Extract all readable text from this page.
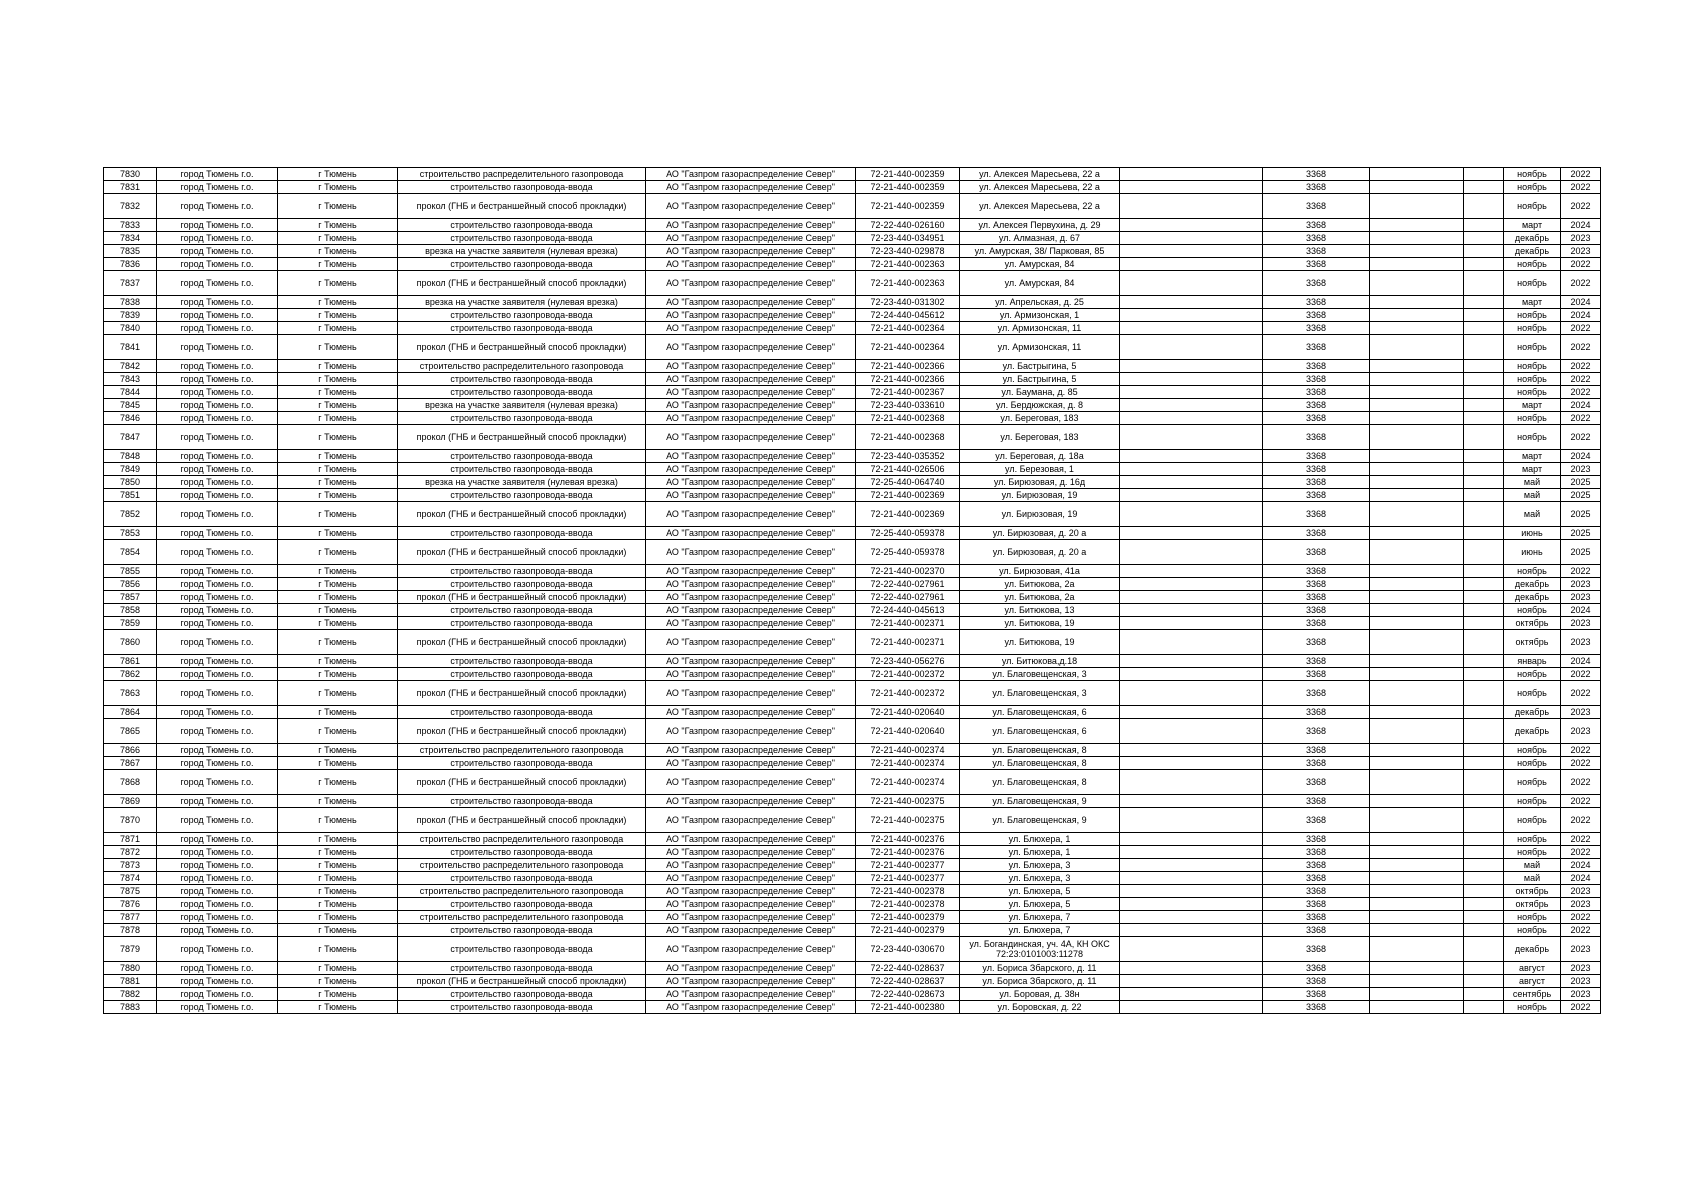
7830	город Тюмень г.о.	г Тюмень	строительство распределительного газопровода	АО "Газпром газораспределение Север"	72-21-440-002359	ул. Алексея Маресьева, 22 а		3368			ноябрь	2022
7831	город Тюмень г.о.	г Тюмень	строительство газопровода-ввода	АО "Газпром газораспределение Север"	72-21-440-002359	ул. Алексея Маресьева, 22 а		3368			ноябрь	2022
7832	город Тюмень г.о.	г Тюмень	прокол (ГНБ и бестраншейный способ прокладки)	АО "Газпром газораспределение Север"	72-21-440-002359	ул. Алексея Маресьева, 22 а		3368			ноябрь	2022
7833	город Тюмень г.о.	г Тюмень	строительство газопровода-ввода	АО "Газпром газораспределение Север"	72-22-440-026160	ул. Алексея Первухина, д. 29		3368			март	2024
7834	город Тюмень г.о.	г Тюмень	строительство газопровода-ввода	АО "Газпром газораспределение Север"	72-23-440-034951	ул. Алмазная, д. 67		3368			декабрь	2023
7835	город Тюмень г.о.	г Тюмень	врезка на участке заявителя (нулевая врезка)	АО "Газпром газораспределение Север"	72-23-440-029878	ул. Амурская, 38/ Парковая, 85		3368			декабрь	2023
7836	город Тюмень г.о.	г Тюмень	строительство газопровода-ввода	АО "Газпром газораспределение Север"	72-21-440-002363	ул. Амурская, 84		3368			ноябрь	2022
7837	город Тюмень г.о.	г Тюмень	прокол (ГНБ и бестраншейный способ прокладки)	АО "Газпром газораспределение Север"	72-21-440-002363	ул. Амурская, 84		3368			ноябрь	2022
7838	город Тюмень г.о.	г Тюмень	врезка на участке заявителя (нулевая врезка)	АО "Газпром газораспределение Север"	72-23-440-031302	ул. Апрельская, д. 25		3368			март	2024
7839	город Тюмень г.о.	г Тюмень	строительство газопровода-ввода	АО "Газпром газораспределение Север"	72-24-440-045612	ул. Армизонская, 1		3368			ноябрь	2024
7840	город Тюмень г.о.	г Тюмень	строительство газопровода-ввода	АО "Газпром газораспределение Север"	72-21-440-002364	ул. Армизонская, 11		3368			ноябрь	2022
7841	город Тюмень г.о.	г Тюмень	прокол (ГНБ и бестраншейный способ прокладки)	АО "Газпром газораспределение Север"	72-21-440-002364	ул. Армизонская, 11		3368			ноябрь	2022
7842	город Тюмень г.о.	г Тюмень	строительство распределительного газопровода	АО "Газпром газораспределение Север"	72-21-440-002366	ул. Бастрыгина, 5		3368			ноябрь	2022
7843	город Тюмень г.о.	г Тюмень	строительство газопровода-ввода	АО "Газпром газораспределение Север"	72-21-440-002366	ул. Бастрыгина, 5		3368			ноябрь	2022
7844	город Тюмень г.о.	г Тюмень	строительство газопровода-ввода	АО "Газпром газораспределение Север"	72-21-440-002367	ул. Баумана, д. 85		3368			ноябрь	2022
7845	город Тюмень г.о.	г Тюмень	врезка на участке заявителя (нулевая врезка)	АО "Газпром газораспределение Север"	72-23-440-033610	ул. Бердюжская, д. 8		3368			март	2024
7846	город Тюмень г.о.	г Тюмень	строительство газопровода-ввода	АО "Газпром газораспределение Север"	72-21-440-002368	ул. Береговая, 183		3368			ноябрь	2022
7847	город Тюмень г.о.	г Тюмень	прокол (ГНБ и бестраншейный способ прокладки)	АО "Газпром газораспределение Север"	72-21-440-002368	ул. Береговая, 183		3368			ноябрь	2022
7848	город Тюмень г.о.	г Тюмень	строительство газопровода-ввода	АО "Газпром газораспределение Север"	72-23-440-035352	ул. Береговая, д. 18а		3368			март	2024
7849	город Тюмень г.о.	г Тюмень	строительство газопровода-ввода	АО "Газпром газораспределение Север"	72-21-440-026506	ул. Березовая, 1		3368			март	2023
7850	город Тюмень г.о.	г Тюмень	врезка на участке заявителя (нулевая врезка)	АО "Газпром газораспределение Север"	72-25-440-064740	ул. Бирюзовая, д. 16д		3368			май	2025
7851	город Тюмень г.о.	г Тюмень	строительство газопровода-ввода	АО "Газпром газораспределение Север"	72-21-440-002369	ул. Бирюзовая, 19		3368			май	2025
7852	город Тюмень г.о.	г Тюмень	прокол (ГНБ и бестраншейный способ прокладки)	АО "Газпром газораспределение Север"	72-21-440-002369	ул. Бирюзовая, 19		3368			май	2025
7853	город Тюмень г.о.	г Тюмень	строительство газопровода-ввода	АО "Газпром газораспределение Север"	72-25-440-059378	ул. Бирюзовая, д. 20 а		3368			июнь	2025
7854	город Тюмень г.о.	г Тюмень	прокол (ГНБ и бестраншейный способ прокладки)	АО "Газпром газораспределение Север"	72-25-440-059378	ул. Бирюзовая, д. 20 а		3368			июнь	2025
7855	город Тюмень г.о.	г Тюмень	строительство газопровода-ввода	АО "Газпром газораспределение Север"	72-21-440-002370	ул. Бирюзовая, 41а		3368			ноябрь	2022
7856	город Тюмень г.о.	г Тюмень	строительство газопровода-ввода	АО "Газпром газораспределение Север"	72-22-440-027961	ул. Битюкова, 2а		3368			декабрь	2023
7857	город Тюмень г.о.	г Тюмень	прокол (ГНБ и бестраншейный способ прокладки)	АО "Газпром газораспределение Север"	72-22-440-027961	ул. Битюкова, 2а		3368			декабрь	2023
7858	город Тюмень г.о.	г Тюмень	строительство газопровода-ввода	АО "Газпром газораспределение Север"	72-24-440-045613	ул. Битюкова, 13		3368			ноябрь	2024
7859	город Тюмень г.о.	г Тюмень	строительство газопровода-ввода	АО "Газпром газораспределение Север"	72-21-440-002371	ул. Битюкова, 19		3368			октябрь	2023
7860	город Тюмень г.о.	г Тюмень	прокол (ГНБ и бестраншейный способ прокладки)	АО "Газпром газораспределение Север"	72-21-440-002371	ул. Битюкова, 19		3368			октябрь	2023
7861	город Тюмень г.о.	г Тюмень	строительство газопровода-ввода	АО "Газпром газораспределение Север"	72-23-440-056276	ул. Битюкова,д.18		3368			январь	2024
7862	город Тюмень г.о.	г Тюмень	строительство газопровода-ввода	АО "Газпром газораспределение Север"	72-21-440-002372	ул. Благовещенская, 3		3368			ноябрь	2022
7863	город Тюмень г.о.	г Тюмень	прокол (ГНБ и бестраншейный способ прокладки)	АО "Газпром газораспределение Север"	72-21-440-002372	ул. Благовещенская, 3		3368			ноябрь	2022
7864	город Тюмень г.о.	г Тюмень	строительство газопровода-ввода	АО "Газпром газораспределение Север"	72-21-440-020640	ул. Благовещенская, 6		3368			декабрь	2023
7865	город Тюмень г.о.	г Тюмень	прокол (ГНБ и бестраншейный способ прокладки)	АО "Газпром газораспределение Север"	72-21-440-020640	ул. Благовещенская, 6		3368			декабрь	2023
7866	город Тюмень г.о.	г Тюмень	строительство распределительного газопровода	АО "Газпром газораспределение Север"	72-21-440-002374	ул. Благовещенская, 8		3368			ноябрь	2022
7867	город Тюмень г.о.	г Тюмень	строительство газопровода-ввода	АО "Газпром газораспределение Север"	72-21-440-002374	ул. Благовещенская, 8		3368			ноябрь	2022
7868	город Тюмень г.о.	г Тюмень	прокол (ГНБ и бестраншейный способ прокладки)	АО "Газпром газораспределение Север"	72-21-440-002374	ул. Благовещенская, 8		3368			ноябрь	2022
7869	город Тюмень г.о.	г Тюмень	строительство газопровода-ввода	АО "Газпром газораспределение Север"	72-21-440-002375	ул. Благовещенская, 9		3368			ноябрь	2022
7870	город Тюмень г.о.	г Тюмень	прокол (ГНБ и бестраншейный способ прокладки)	АО "Газпром газораспределение Север"	72-21-440-002375	ул. Благовещенская, 9		3368			ноябрь	2022
7871	город Тюмень г.о.	г Тюмень	строительство распределительного газопровода	АО "Газпром газораспределение Север"	72-21-440-002376	ул. Блюхера, 1		3368			ноябрь	2022
7872	город Тюмень г.о.	г Тюмень	строительство газопровода-ввода	АО "Газпром газораспределение Север"	72-21-440-002376	ул. Блюхера, 1		3368			ноябрь	2022
7873	город Тюмень г.о.	г Тюмень	строительство распределительного газопровода	АО "Газпром газораспределение Север"	72-21-440-002377	ул. Блюхера, 3		3368			май	2024
7874	город Тюмень г.о.	г Тюмень	строительство газопровода-ввода	АО "Газпром газораспределение Север"	72-21-440-002377	ул. Блюхера, 3		3368			май	2024
7875	город Тюмень г.о.	г Тюмень	строительство распределительного газопровода	АО "Газпром газораспределение Север"	72-21-440-002378	ул. Блюхера, 5		3368			октябрь	2023
7876	город Тюмень г.о.	г Тюмень	строительство газопровода-ввода	АО "Газпром газораспределение Север"	72-21-440-002378	ул. Блюхера, 5		3368			октябрь	2023
7877	город Тюмень г.о.	г Тюмень	строительство распределительного газопровода	АО "Газпром газораспределение Север"	72-21-440-002379	ул. Блюхера, 7		3368			ноябрь	2022
7878	город Тюмень г.о.	г Тюмень	строительство газопровода-ввода	АО "Газпром газораспределение Север"	72-21-440-002379	ул. Блюхера, 7		3368			ноябрь	2022
7879	город Тюмень г.о.	г Тюмень	строительство газопровода-ввода	АО "Газпром газораспределение Север"	72-23-440-030670	ул. Богандинская, уч. 4А, КН ОКС 72:23:0101003:11278		3368			декабрь	2023
7880	город Тюмень г.о.	г Тюмень	строительство газопровода-ввода	АО "Газпром газораспределение Север"	72-22-440-028637	ул. Бориса Збарского, д. 11		3368			август	2023
7881	город Тюмень г.о.	г Тюмень	прокол (ГНБ и бестраншейный способ прокладки)	АО "Газпром газораспределение Север"	72-22-440-028637	ул. Бориса Збарского, д. 11		3368			август	2023
7882	город Тюмень г.о.	г Тюмень	строительство газопровода-ввода	АО "Газпром газораспределение Север"	72-22-440-028673	ул. Боровая, д. 38н		3368			сентябрь	2023
7883	город Тюмень г.о.	г Тюмень	строительство газопровода-ввода	АО "Газпром газораспределение Север"	72-21-440-002380	ул. Боровская, д. 22		3368			ноябрь	2022
